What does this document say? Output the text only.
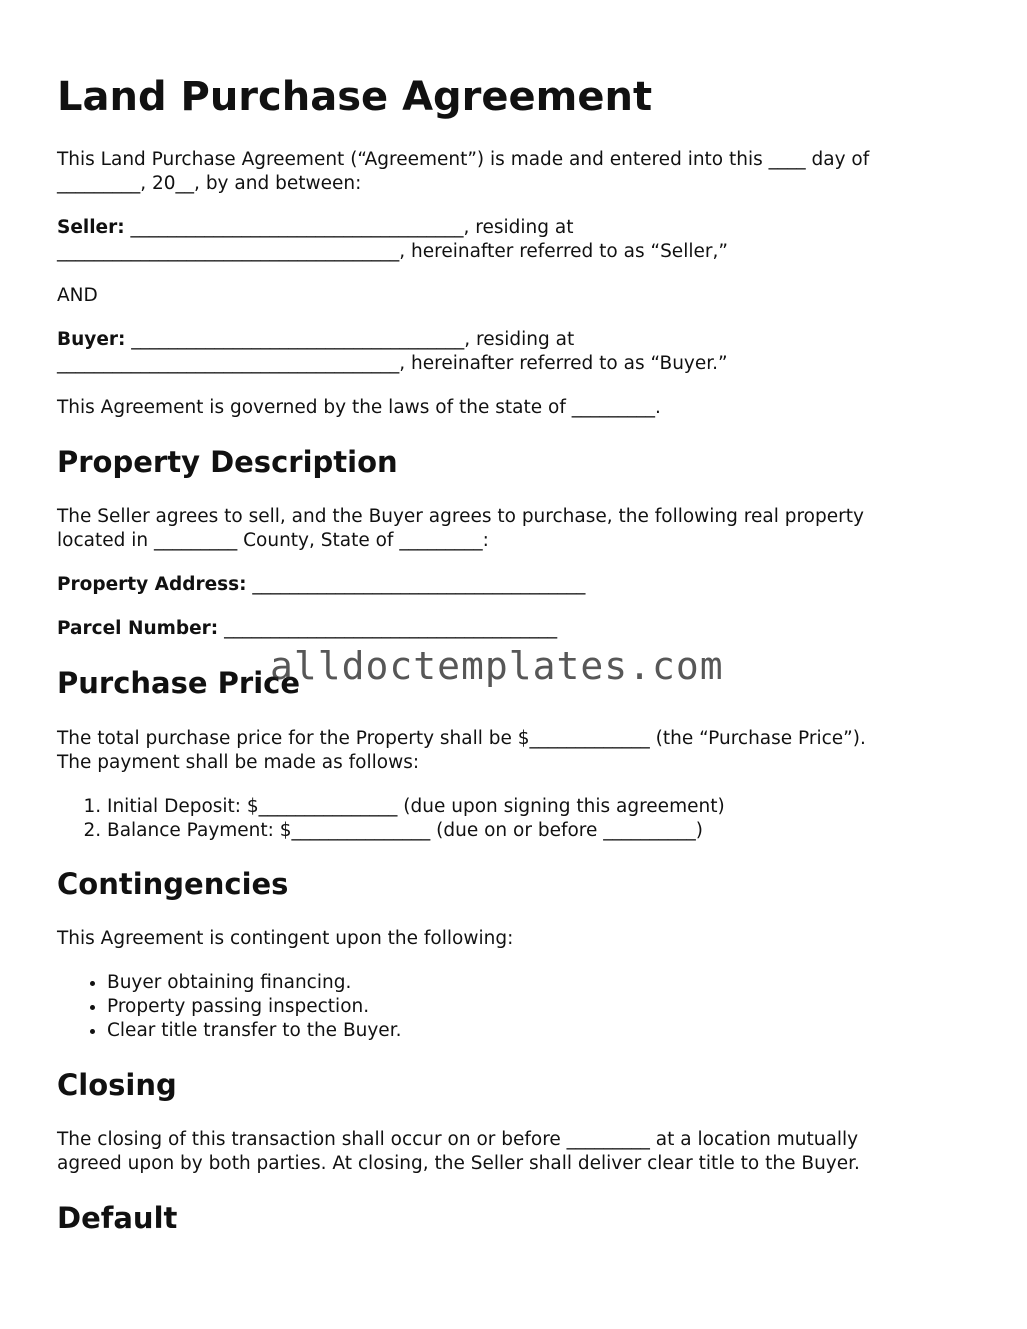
Land Purchase Agreement

This Land Purchase Agreement (“Agreement”) is made and entered into this ____ day of
_________, 20__, by and between:

Seller: ____________________________________, residing at
_____________________________________, hereinafter referred to as “Seller,”

AND

Buyer: ____________________________________, residing at
_____________________________________, hereinafter referred to as “Buyer.”

This Agreement is governed by the laws of the state of _________.

Property Description

The Seller agrees to sell, and the Buyer agrees to purchase, the following real property
located in _________ County, State of _________:

Property Address: ____________________________________

Parcel Number: ____________________________________

Purchase Price

The total purchase price for the Property shall be $_____________ (the “Purchase Price”).
The payment shall be made as follows:

1. Initial Deposit: $_______________ (due upon signing this agreement)
2. Balance Payment: $_______________ (due on or before __________)
Contingencies

This Agreement is contingent upon the following:

• Buyer obtaining financing.
• Property passing inspection.
• Clear title transfer to the Buyer.
Closing

The closing of this transaction shall occur on or before _________ at a location mutually
agreed upon by both parties. At closing, the Seller shall deliver clear title to the Buyer.

Default
alldoctemplates.com
